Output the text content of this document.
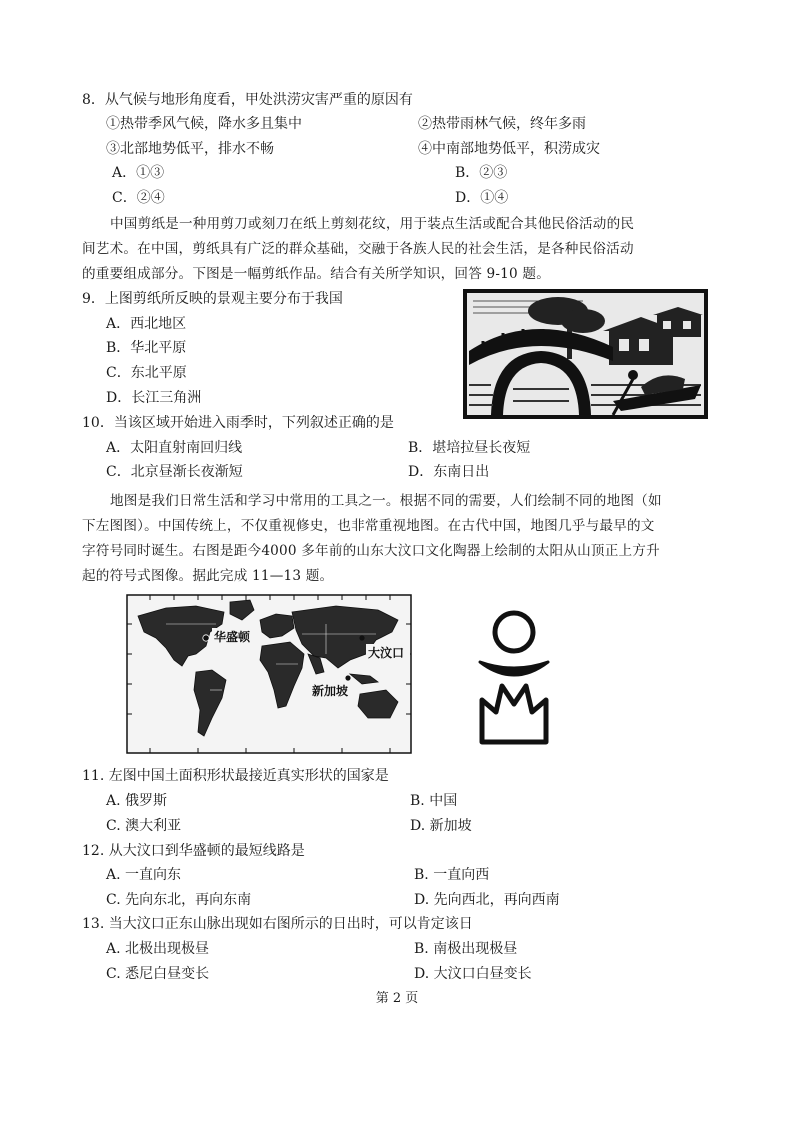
8．从气候与地形角度看，甲处洪涝灾害严重的原因有
①热带季风气候，降水多且集中	②热带雨林气候，终年多雨
③北部地势低平，排水不畅	④中南部地势低平，积涝成灾
A．①③	B．②③
C．②④	D．①④
中国剪纸是一种用剪刀或刻刀在纸上剪刻花纹，用于装点生活或配合其他民俗活动的民
间艺术。在中国，剪纸具有广泛的群众基础，交融于各族人民的社会生活，是各种民俗活动
的重要组成部分。下图是一幅剪纸作品。结合有关所学知识，回答 9-10 题。
9．上图剪纸所反映的景观主要分布于我国
A．西北地区
B．华北平原
C．东北平原
D．长江三角洲
10．当该区域开始进入雨季时，下列叙述正确的是
A．太阳直射南回归线	B．堪培拉昼长夜短
C．北京昼渐长夜渐短	D．东南日出
地图是我们日常生活和学习中常用的工具之一。根据不同的需要，人们绘制不同的地图（如
下左图图）。中国传统上，不仅重视修史，也非常重视地图。在古代中国，地图几乎与最早的文
字符号同时诞生。右图是距今4000 多年前的山东大汶口文化陶器上绘制的太阳从山顶正上方升
起的符号式图像。据此完成 11—13 题。
华盛顿
大汶口
新加坡
11. 左图中国土面积形状最接近真实形状的国家是
A. 俄罗斯	B. 中国
C. 澳大利亚	D. 新加坡
12. 从大汶口到华盛顿的最短线路是
A. 一直向东	B. 一直向西
C. 先向东北，再向东南	D. 先向西北，再向西南
13. 当大汶口正东山脉出现如右图所示的日出时，可以肯定该日
A. 北极出现极昼	B. 南极出现极昼
C. 悉尼白昼变长	D. 大汶口白昼变长
第 2 页
